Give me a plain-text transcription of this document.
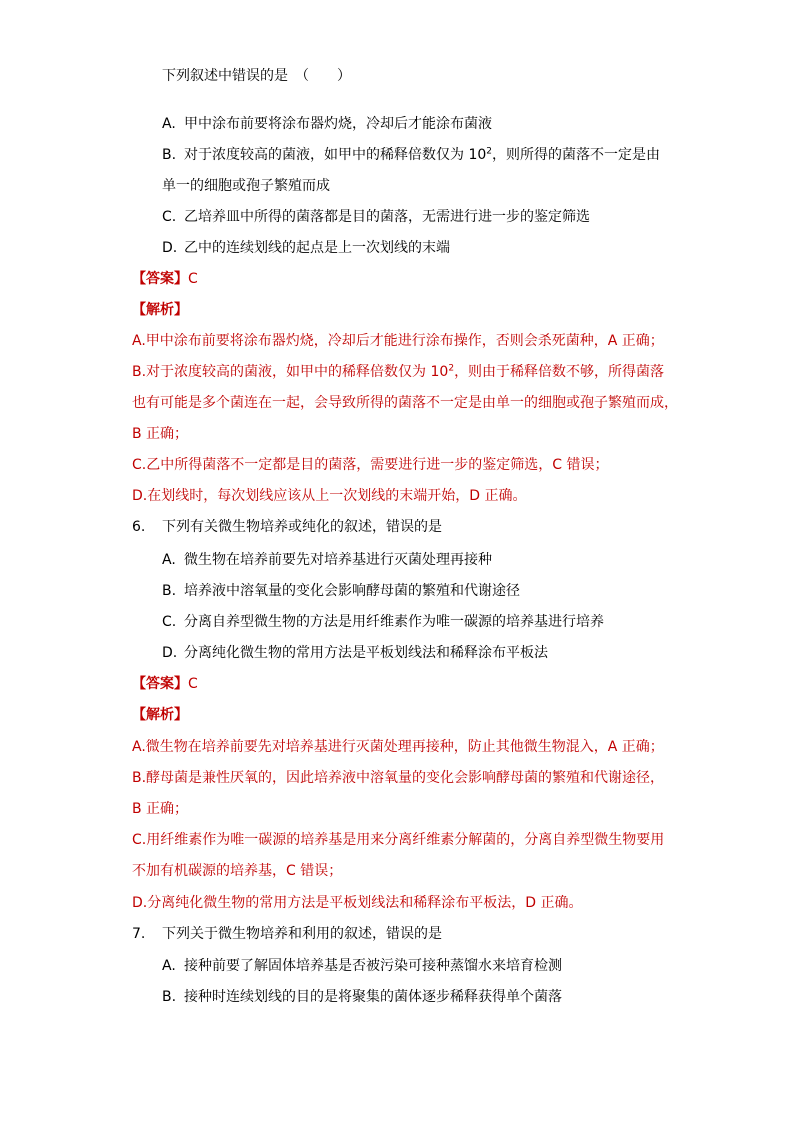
下列叙述中错误的是　（　　）
A. 甲中涂布前要将涂布器灼烧，冷却后才能涂布菌液
B. 对于浓度较高的菌液，如甲中的稀释倍数仅为 $10^2$，则所得的菌落不一定是由
单一的细胞或孢子繁殖而成
C. 乙培养皿中所得的菌落都是目的菌落，无需进行进一步的鉴定筛选
D. 乙中的连续划线的起点是上一次划线的末端
【答案】C
【解析】
A.甲中涂布前要将涂布器灼烧，冷却后才能进行涂布操作，否则会杀死菌种，A 正确；
B.对于浓度较高的菌液，如甲中的稀释倍数仅为 $10^2$，则由于稀释倍数不够，所得菌落
也有可能是多个菌连在一起，会导致所得的菌落不一定是由单一的细胞或孢子繁殖而成，
B 正确；
C.乙中所得菌落不一定都是目的菌落，需要进行进一步的鉴定筛选，C 错误；
D.在划线时，每次划线应该从上一次划线的末端开始，D 正确。
6. 下列有关微生物培养或纯化的叙述，错误的是
A. 微生物在培养前要先对培养基进行灭菌处理再接种
B. 培养液中溶氧量的变化会影响酵母菌的繁殖和代谢途径
C. 分离自养型微生物的方法是用纤维素作为唯一碳源的培养基进行培养
D. 分离纯化微生物的常用方法是平板划线法和稀释涂布平板法
【答案】C
【解析】
A.微生物在培养前要先对培养基进行灭菌处理再接种，防止其他微生物混入，A 正确；
B.酵母菌是兼性厌氧的，因此培养液中溶氧量的变化会影响酵母菌的繁殖和代谢途径，
B 正确；
C.用纤维素作为唯一碳源的培养基是用来分离纤维素分解菌的，分离自养型微生物要用
不加有机碳源的培养基，C 错误；
D.分离纯化微生物的常用方法是平板划线法和稀释涂布平板法，D 正确。
7. 下列关于微生物培养和利用的叙述，错误的是
A. 接种前要了解固体培养基是否被污染可接种蒸馏水来培育检测
B. 接种时连续划线的目的是将聚集的菌体逐步稀释获得单个菌落
